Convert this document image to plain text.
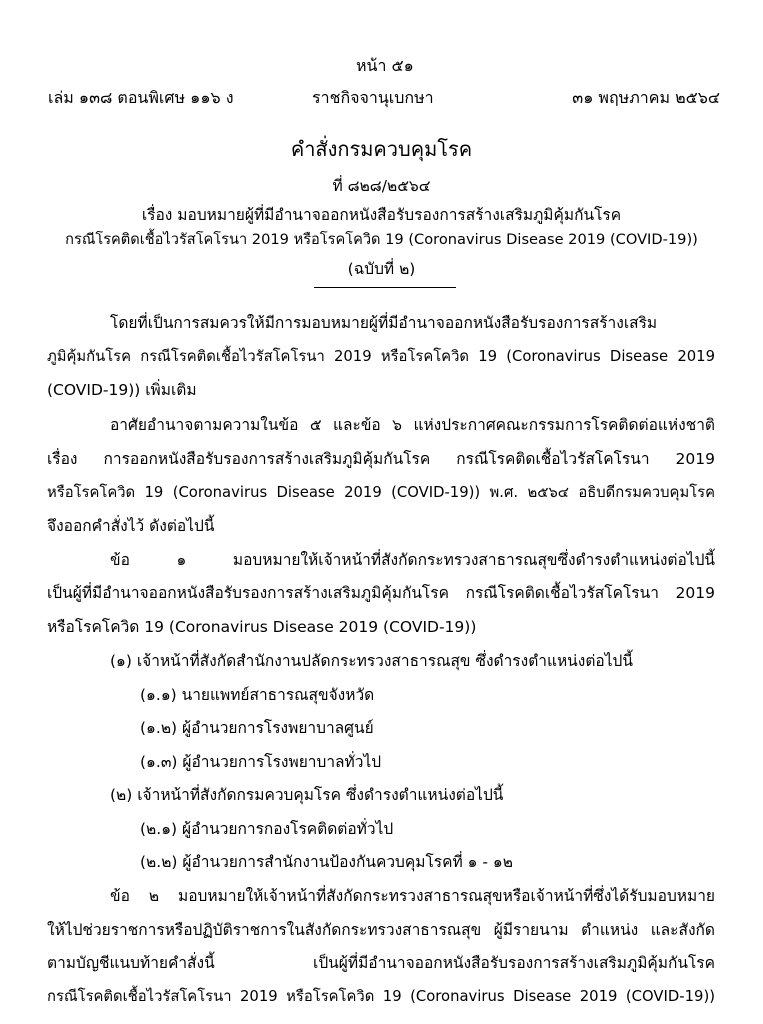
หน้า ๕๑
เล่ม ๑๓๘ ตอนพิเศษ ๑๑๖ ง	ราชกิจจานุเบกษา	๓๑ พฤษภาคม ๒๕๖๔
คำสั่งกรมควบคุมโรค
ที่ ๘๒๘/๒๕๖๔
เรื่อง มอบหมายผู้ที่มีอำนาจออกหนังสือรับรองการสร้างเสริมภูมิคุ้มกันโรค
กรณีโรคติดเชื้อไวรัสโคโรนา 2019 หรือโรคโควิด 19 (Coronavirus Disease 2019 (COVID-19))
(ฉบับที่ ๒)
โดยที่เป็นการสมควรให้มีการมอบหมายผู้ที่มีอำนาจออกหนังสือรับรองการสร้างเสริม
ภูมิคุ้มกันโรค กรณีโรคติดเชื้อไวรัสโคโรนา 2019 หรือโรคโควิด 19 (Coronavirus Disease 2019
(COVID-19)) เพิ่มเติม
อาศัยอำนาจตามความในข้อ ๕ และข้อ ๖ แห่งประกาศคณะกรรมการโรคติดต่อแห่งชาติ
เรื่อง การออกหนังสือรับรองการสร้างเสริมภูมิคุ้มกันโรค กรณีโรคติดเชื้อไวรัสโคโรนา 2019
หรือโรคโควิด 19 (Coronavirus Disease 2019 (COVID-19)) พ.ศ. ๒๕๖๔ อธิบดีกรมควบคุมโรค
จึงออกคำสั่งไว้ ดังต่อไปนี้
ข้อ ๑ มอบหมายให้เจ้าหน้าที่สังกัดกระทรวงสาธารณสุขซึ่งดำรงตำแหน่งต่อไปนี้
เป็นผู้ที่มีอำนาจออกหนังสือรับรองการสร้างเสริมภูมิคุ้มกันโรค กรณีโรคติดเชื้อไวรัสโคโรนา 2019
หรือโรคโควิด 19 (Coronavirus Disease 2019 (COVID-19))
(๑) เจ้าหน้าที่สังกัดสำนักงานปลัดกระทรวงสาธารณสุข ซึ่งดำรงตำแหน่งต่อไปนี้
(๑.๑) นายแพทย์สาธารณสุขจังหวัด
(๑.๒) ผู้อำนวยการโรงพยาบาลศูนย์
(๑.๓) ผู้อำนวยการโรงพยาบาลทั่วไป
(๒) เจ้าหน้าที่สังกัดกรมควบคุมโรค ซึ่งดำรงตำแหน่งต่อไปนี้
(๒.๑) ผู้อำนวยการกองโรคติดต่อทั่วไป
(๒.๒) ผู้อำนวยการสำนักงานป้องกันควบคุมโรคที่ ๑ - ๑๒
ข้อ ๒ มอบหมายให้เจ้าหน้าที่สังกัดกระทรวงสาธารณสุขหรือเจ้าหน้าที่ซึ่งได้รับมอบหมาย
ให้ไปช่วยราชการหรือปฏิบัติราชการในสังกัดกระทรวงสาธารณสุข ผู้มีรายนาม ตำแหน่ง และสังกัด
ตามบัญชีแนบท้ายคำสั่งนี้ เป็นผู้ที่มีอำนาจออกหนังสือรับรองการสร้างเสริมภูมิคุ้มกันโรค
กรณีโรคติดเชื้อไวรัสโคโรนา 2019 หรือโรคโควิด 19 (Coronavirus Disease 2019 (COVID-19))
